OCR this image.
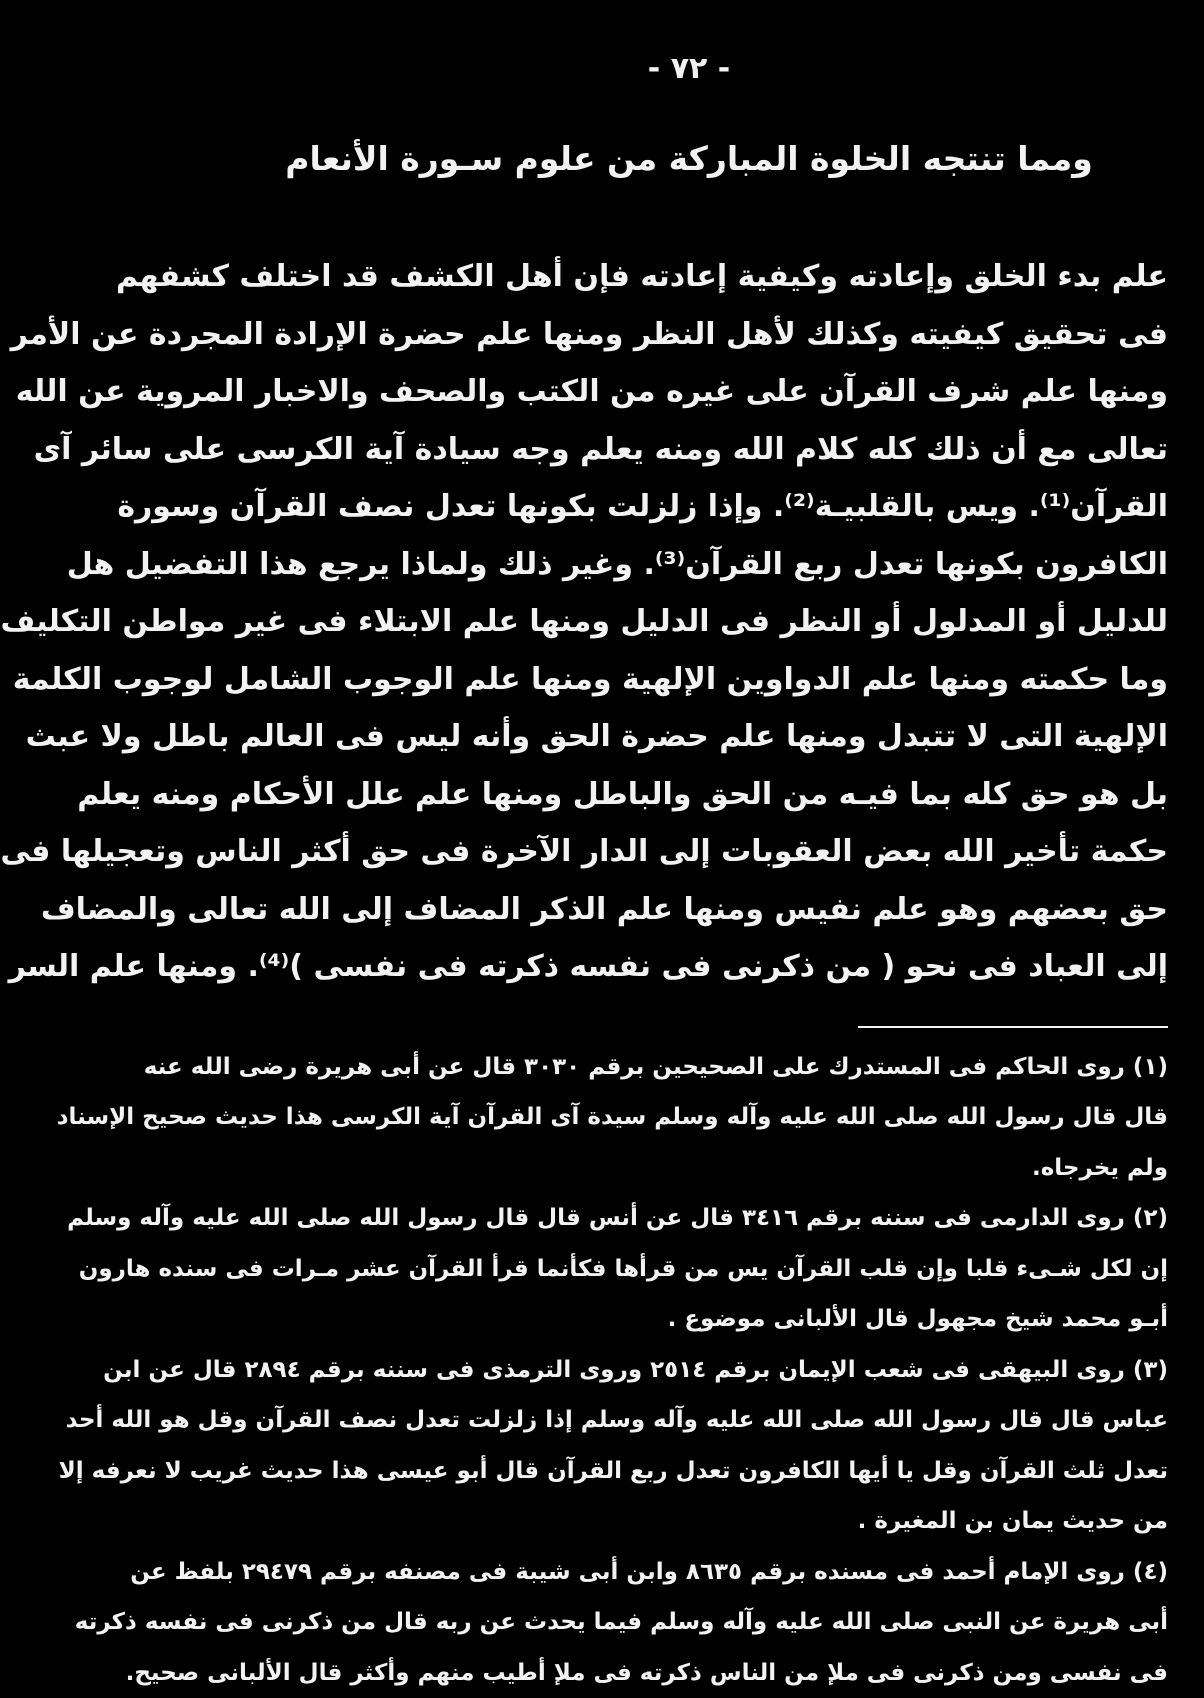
- ٧٢ -
ومما تنتجه الخلوة المباركة من علوم سـورة الأنعام
علم بدء الخلق وإعادته وكيفية إعادته فإن أهل الكشف قد اختلف كشفهم
فى تحقيق كيفيته وكذلك لأهل النظر ومنها علم حضرة الإرادة المجردة عن الأمر
ومنها علم شرف القرآن على غيره من الكتب والصحف والاخبار المروية عن الله
تعالى مع أن ذلك كله كلام الله ومنه يعلم وجه سيادة آية الكرسى على سائر آى
القرآن⁽¹⁾. ويس بالقلبيـة⁽²⁾. وإذا زلزلت بكونها تعدل نصف القرآن وسورة
الكافرون بكونها تعدل ربع القرآن⁽³⁾. وغير ذلك ولماذا يرجع هذا التفضيل هل
للدليل أو المدلول أو النظر فى الدليل ومنها علم الابتلاء فى غير مواطن التكليف
وما حكمته ومنها علم الدواوين الإلهية ومنها علم الوجوب الشامل لوجوب الكلمة
الإلهية التى لا تتبدل ومنها علم حضرة الحق وأنه ليس فى العالم باطل ولا عبث
بل هو حق كله بما فيـه من الحق والباطل ومنها علم علل الأحكام ومنه يعلم
حكمة تأخير الله بعض العقوبات إلى الدار الآخرة فى حق أكثر الناس وتعجيلها فى
حق بعضهم وهو علم نفيس ومنها علم الذكر المضاف إلى الله تعالى والمضاف
إلى العباد فى نحو ( من ذكرنى فى نفسه ذكرته فى نفسى )⁽⁴⁾. ومنها علم السر
(١) روى الحاكم فى المستدرك على الصحيحين برقم ٣٠٣٠ قال عن أبى هريرة رضى الله عنه
قال قال رسول الله صلى الله عليه وآله وسلم سيدة آى القرآن آية الكرسى هذا حديث صحيح الإسناد
ولم يخرجاه.
(٢) روى الدارمى فى سننه برقم ٣٤١٦ قال عن أنس قال قال رسول الله صلى الله عليه وآله وسلم
إن لكل شـىء قلبا وإن قلب القرآن يس من قرأها فكأنما قرأ القرآن عشر مـرات فى سنده هارون
أبـو محمد شيخ مجهول قال الألبانى موضوع .
(٣) روى البيهقى فى شعب الإيمان برقم ٢٥١٤ وروى الترمذى فى سننه برقم ٢٨٩٤ قال عن ابن
عباس قال قال رسول الله صلى الله عليه وآله وسلم إذا زلزلت تعدل نصف القرآن وقل هو الله أحد
تعدل ثلث القرآن وقل يا أيها الكافرون تعدل ربع القرآن قال أبو عيسى هذا حديث غريب لا نعرفه إلا
من حديث يمان بن المغيرة .
(٤) روى الإمام أحمد فى مسنده برقم ٨٦٣٥ وابن أبى شيبة فى مصنفه برقم ٢٩٤٧٩ بلفظ عن
أبى هريرة عن النبى صلى الله عليه وآله وسلم فيما يحدث عن ربه قال من ذكرنى فى نفسه ذكرته
فى نفسى ومن ذكرنى فى ملإ من الناس ذكرته فى ملإ أطيب منهم وأكثر قال الألبانى صحيح.
